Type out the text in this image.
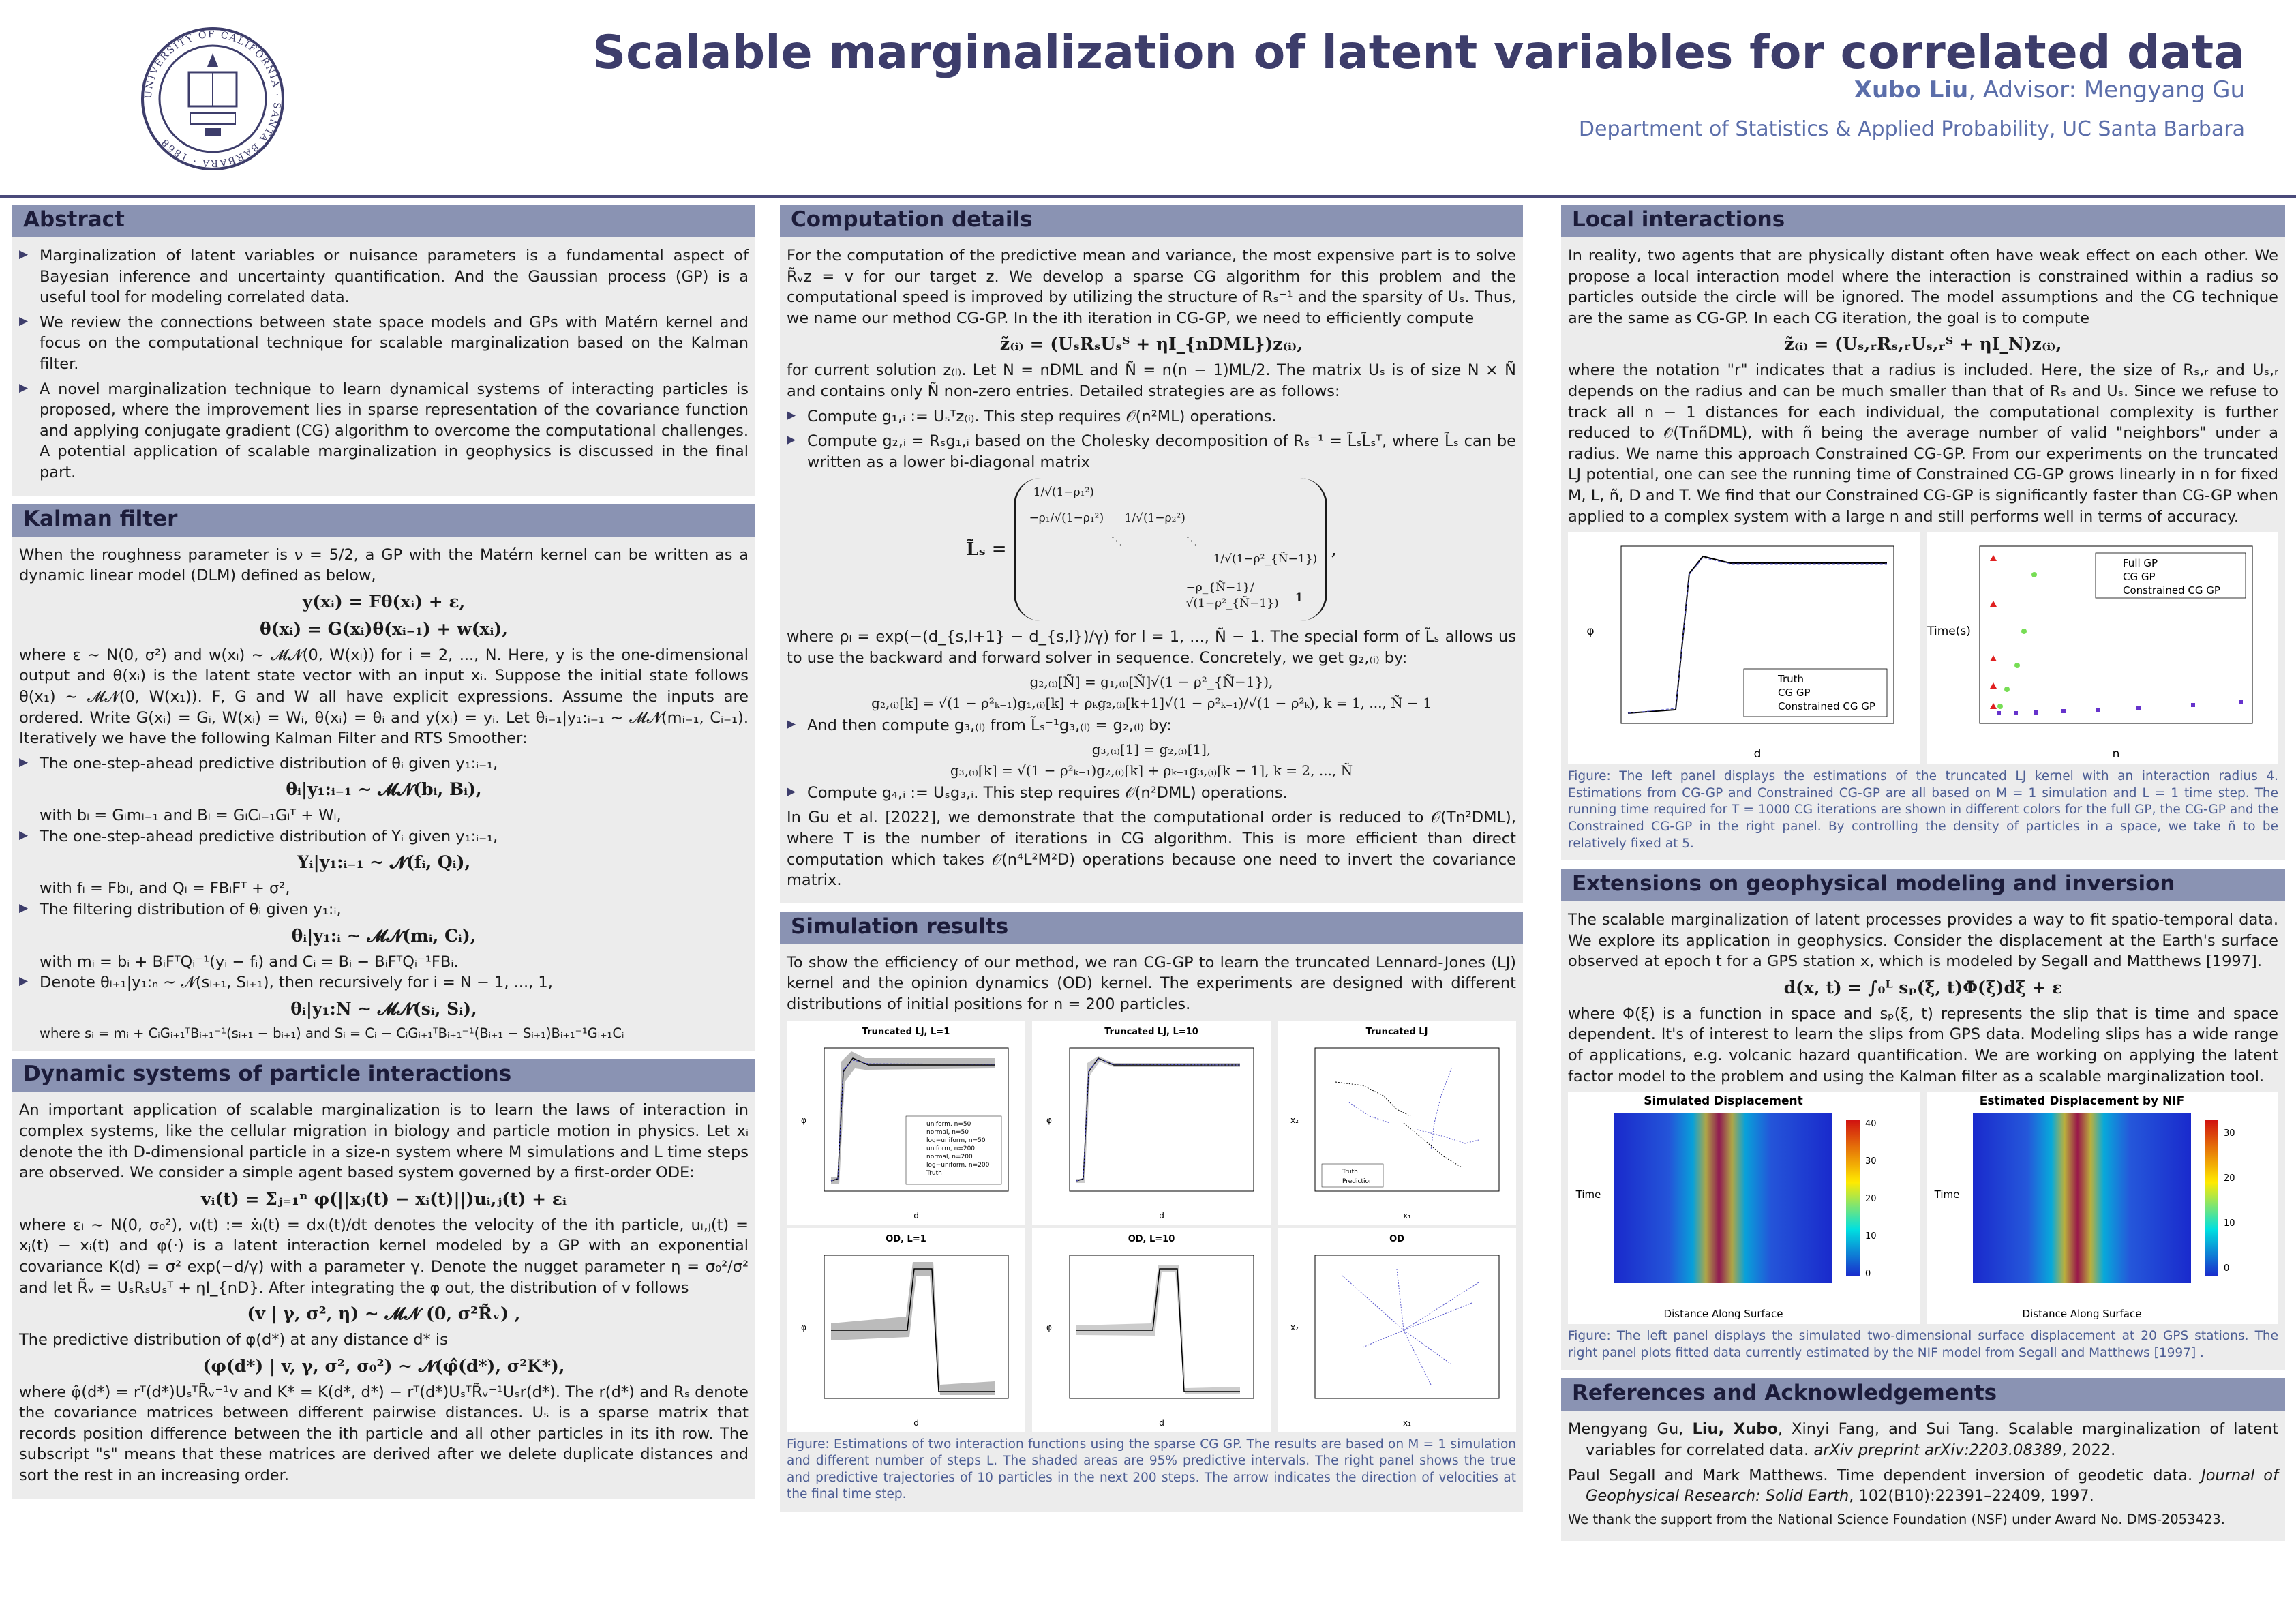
UNIVERSITY OF CALIFORNIA · SANTA BARBARA · 1868
Scalable marginalization of latent variables for correlated data
Xubo Liu, Advisor: Mengyang Gu
Department of Statistics & Applied Probability, UC Santa Barbara
Abstract
▶ Marginalization of latent variables or nuisance parameters is a fundamental aspect of Bayesian inference and uncertainty quantification. And the Gaussian process (GP) is a useful tool for modeling correlated data.
▶ We review the connections between state space models and GPs with Matérn kernel and focus on the computational technique for scalable marginalization based on the Kalman filter.
▶ A novel marginalization technique to learn dynamical systems of interacting particles is proposed, where the improvement lies in sparse representation of the covariance function and applying conjugate gradient (CG) algorithm to overcome the computational challenges. A potential application of scalable marginalization in geophysics is discussed in the final part.
Kalman filter

When the roughness parameter is ν = 5/2, a GP with the Matérn kernel can be written as a dynamic linear model (DLM) defined as below,

y(xᵢ) = Fθ(xᵢ) + ε,
θ(xᵢ) = G(xᵢ)θ(xᵢ₋₁) + w(xᵢ),

where ε ∼ N(0, σ²) and w(xᵢ) ∼ 𝓜𝓝(0, W(xᵢ)) for i = 2, ..., N. Here, y is the one-dimensional output and θ(xᵢ) is the latent state vector with an input xᵢ. Suppose the initial state follows θ(x₁) ∼ 𝓜𝓝(0, W(x₁)). F, G and W all have explicit expressions. Assume the inputs are ordered. Write G(xᵢ) = Gᵢ, W(xᵢ) = Wᵢ, θ(xᵢ) = θᵢ and y(xᵢ) = yᵢ. Let θᵢ₋₁|y₁:ᵢ₋₁ ∼ 𝓜𝓝(mᵢ₋₁, Cᵢ₋₁). Iteratively we have the following Kalman Filter and RTS Smoother:

▶ The one-step-ahead predictive distribution of θᵢ given y₁:ᵢ₋₁,
θᵢ|y₁:ᵢ₋₁ ∼ 𝓜𝓝(bᵢ, Bᵢ),
with bᵢ = Gᵢmᵢ₋₁ and Bᵢ = GᵢCᵢ₋₁Gᵢᵀ + Wᵢ,
▶ The one-step-ahead predictive distribution of Yᵢ given y₁:ᵢ₋₁,
Yᵢ|y₁:ᵢ₋₁ ∼ 𝓝(fᵢ, Qᵢ),
with fᵢ = Fbᵢ, and Qᵢ = FBᵢFᵀ + σ²,
▶ The filtering distribution of θᵢ given y₁:ᵢ,
θᵢ|y₁:ᵢ ∼ 𝓜𝓝(mᵢ, Cᵢ),
with mᵢ = bᵢ + BᵢFᵀQᵢ⁻¹(yᵢ − fᵢ) and Cᵢ = Bᵢ − BᵢFᵀQᵢ⁻¹FBᵢ.
▶ Denote θᵢ₊₁|y₁:ₙ ∼ 𝓝(sᵢ₊₁, Sᵢ₊₁), then recursively for i = N − 1, ..., 1,
θᵢ|y₁:N ∼ 𝓜𝓝(sᵢ, Sᵢ),
where sᵢ = mᵢ + CᵢGᵢ₊₁ᵀBᵢ₊₁⁻¹(sᵢ₊₁ − bᵢ₊₁) and Sᵢ = Cᵢ − CᵢGᵢ₊₁ᵀBᵢ₊₁⁻¹(Bᵢ₊₁ − Sᵢ₊₁)Bᵢ₊₁⁻¹Gᵢ₊₁Cᵢ
Dynamic systems of particle interactions

An important application of scalable marginalization is to learn the laws of interaction in complex systems, like the cellular migration in biology and particle motion in physics. Let xᵢ denote the ith D-dimensional particle in a size-n system where M simulations and L time steps are observed. We consider a simple agent based system governed by a first-order ODE:

vᵢ(t) = Σⱼ₌₁ⁿ φ(||xⱼ(t) − xᵢ(t)||)uᵢ,ⱼ(t) + εᵢ

where εᵢ ∼ N(0, σ₀²), vᵢ(t) := ẋᵢ(t) = dxᵢ(t)/dt denotes the velocity of the ith particle, uᵢ,ⱼ(t) = xⱼ(t) − xᵢ(t) and φ(·) is a latent interaction kernel modeled by a GP with an exponential covariance K(d) = σ² exp(−d/γ) with a parameter γ. Denote the nugget parameter η = σ₀²/σ² and let R̃ᵥ = UₛRₛUₛᵀ + ηI_{nD}. After integrating the φ out, the distribution of v follows

(v | γ, σ², η) ∼ 𝓜𝓝 (0, σ²R̃ᵥ) ,

The predictive distribution of φ(d*) at any distance d* is

(φ(d*) | v, γ, σ², σ₀²) ∼ 𝓝(φ̂(d*), σ²K*),

where φ̂(d*) = rᵀ(d*)UₛᵀR̃ᵥ⁻¹v and K* = K(d*, d*) − rᵀ(d*)UₛᵀR̃ᵥ⁻¹Uₛr(d*). The r(d*) and Rₛ denote the covariance matrices between different pairwise distances. Uₛ is a sparse matrix that records position difference between the ith particle and all other particles in its ith row. The subscript "s" means that these matrices are derived after we delete duplicate distances and sort the rest in an increasing order.

Computation details

For the computation of the predictive mean and variance, the most expensive part is to solve R̃ᵥz = v for our target z. We develop a sparse CG algorithm for this problem and the computational speed is improved by utilizing the structure of Rₛ⁻¹ and the sparsity of Uₛ. Thus, we name our method CG-GP. In the ith iteration in CG-GP, we need to efficiently compute

z̃₍ᵢ₎ = (UₛRₛUₛᵀ + ηI_{nDML})z₍ᵢ₎,

for current solution z₍ᵢ₎. Let N = nDML and Ñ = n(n − 1)ML/2. The matrix Uₛ is of size N × Ñ and contains only Ñ non-zero entries. Detailed strategies are as follows:

▶ Compute g₁,ᵢ := Uₛᵀz₍ᵢ₎. This step requires 𝒪(n²ML) operations.
▶ Compute g₂,ᵢ = Rₛg₁,ᵢ based on the Cholesky decomposition of Rₛ⁻¹ = L̃ₛL̃ₛᵀ, where L̃ₛ can be written as a lower bi-diagonal matrix
L̃ₛ =
1/√(1−ρ₁²)
−ρ₁/√(1−ρ₁²) 1/√(1−ρ₂²)
⋱	⋱
1/√(1−ρ²_{Ñ−1})
−ρ_{Ñ−1}/√(1−ρ²_{Ñ−1})	1
,

where ρₗ = exp(−(d_{s,l+1} − d_{s,l})/γ) for l = 1, ..., Ñ − 1. The special form of L̃ₛ allows us to use the backward and forward solver in sequence. Concretely, we get g₂,₍ᵢ₎ by:

g₂,₍ᵢ₎[Ñ] = g₁,₍ᵢ₎[Ñ]√(1 − ρ²_{Ñ−1}),
g₂,₍ᵢ₎[k] = √(1 − ρ²ₖ₋₁)g₁,₍ᵢ₎[k] + ρₖg₂,₍ᵢ₎[k+1]√(1 − ρ²ₖ₋₁)/√(1 − ρ²ₖ), k = 1, ..., Ñ − 1
▶ And then compute g₃,₍ᵢ₎ from L̃ₛ⁻¹g₃,₍ᵢ₎ = g₂,₍ᵢ₎ by:
g₃,₍ᵢ₎[1] = g₂,₍ᵢ₎[1],
g₃,₍ᵢ₎[k] = √(1 − ρ²ₖ₋₁)g₂,₍ᵢ₎[k] + ρₖ₋₁g₃,₍ᵢ₎[k − 1], k = 2, ..., Ñ
▶ Compute g₄,ᵢ := Uₛg₃,ᵢ. This step requires 𝒪(n²DML) operations.

In Gu et al. [2022], we demonstrate that the computational order is reduced to 𝒪(Tn²DML), where T is the number of iterations in CG algorithm. This is more efficient than direct computation which takes 𝒪(n⁴L²M²D) operations because one need to invert the covariance matrix.

Simulation results

To show the efficiency of our method, we ran CG-GP to learn the truncated Lennard-Jones (LJ) kernel and the opinion dynamics (OD) kernel. The experiments are designed with different distributions of initial positions for n = 200 particles.

Truncated LJ, L=1
uniform, n=50
normal, n=50
log−uniform, n=50
uniform, n=200
normal, n=200
log−uniform, n=200
Truth
d
φ
Truncated LJ, L=10
d
φ
Truncated LJ
Truth
Prediction
x₁
x₂
OD, L=1
d
φ
OD, L=10
d
φ
OD
x₁
x₂
Figure: Estimations of two interaction functions using the sparse CG GP. The results are based on M = 1 simulation and different number of steps L. The shaded areas are 95% predictive intervals. The right panel shows the true and predictive trajectories of 10 particles in the next 200 steps. The arrow indicates the direction of velocities at the final time step.
Local interactions

In reality, two agents that are physically distant often have weak effect on each other. We propose a local interaction model where the interaction is constrained within a radius so particles outside the circle will be ignored. The model assumptions and the CG technique are the same as CG-GP. In each CG iteration, the goal is to compute

z̃₍ᵢ₎ = (Uₛ,ᵣRₛ,ᵣUₛ,ᵣᵀ + ηI_N)z₍ᵢ₎,

where the notation "r" indicates that a radius is included. Here, the size of Rₛ,ᵣ and Uₛ,ᵣ depends on the radius and can be much smaller than that of Rₛ and Uₛ. Since we refuse to track all n − 1 distances for each individual, the computational complexity is further reduced to 𝒪(TnñDML), with ñ being the average number of valid "neighbors" under a radius. We name this approach Constrained CG-GP. From our experiments on the truncated LJ potential, one can see the running time of Constrained CG-GP grows linearly in n for fixed M, L, ñ, D and T. We find that our Constrained CG-GP is significantly faster than CG-GP when applied to a complex system with a large n and still performs well in terms of accuracy.

Truth
CG GP
Constrained CG GP
d
φ
Full GP
CG GP
Constrained CG GP
n
Time(s)
Figure: The left panel displays the estimations of the truncated LJ kernel with an interaction radius 4. Estimations from CG-GP and Constrained CG-GP are all based on M = 1 simulation and L = 1 time step. The running time required for T = 1000 CG iterations are shown in different colors for the full GP, the CG-GP and the Constrained CG-GP in the right panel. By controlling the density of particles in a space, we take ñ to be relatively fixed at 5.
Extensions on geophysical modeling and inversion

The scalable marginalization of latent processes provides a way to fit spatio-temporal data. We explore its application in geophysics. Consider the displacement at the Earth's surface observed at epoch t for a GPS station x, which is modeled by Segall and Matthews [1997].

d(x, t) = ∫₀ᴸ sₚ(ξ, t)Φ(ξ)dξ + ε

where Φ(ξ) is a function in space and sₚ(ξ, t) represents the slip that is time and space dependent. It's of interest to learn the slips from GPS data. Modeling slips has a wide range of applications, e.g. volcanic hazard quantification. We are working on applying the latent factor model to the problem and using the Kalman filter as a scalable marginalization tool.

Simulated Displacement
0
10
20
30
40
Distance Along Surface
Time
Estimated Displacement by NIF
0
10
20
30
Distance Along Surface
Time
Figure: The left panel displays the simulated two-dimensional surface displacement at 20 GPS stations. The right panel plots fitted data currently estimated by the NIF model from Segall and Matthews [1997] .
References and Acknowledgements

Mengyang Gu, Liu, Xubo, Xinyi Fang, and Sui Tang. Scalable marginalization of latent variables for correlated data. arXiv preprint arXiv:2203.08389, 2022.

Paul Segall and Mark Matthews. Time dependent inversion of geodetic data. Journal of Geophysical Research: Solid Earth, 102(B10):22391–22409, 1997.

We thank the support from the National Science Foundation (NSF) under Award No. DMS-2053423.
